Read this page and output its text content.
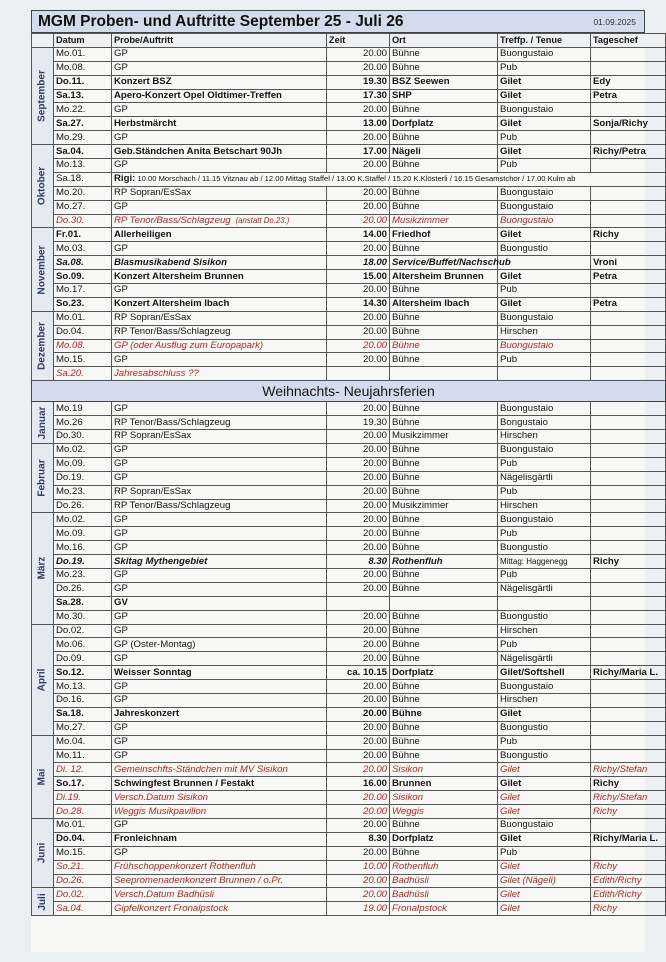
MGM Proben- und Auftritte September 25 - Juli 26	01.09.2025
	Datum	Probe/Auftritt	Zeit	Ort	Treffp. / Tenue	Tageschef

September	Mo.01.	GP	20.00	Bühne	Buongustaio	
	Mo.08.	GP	20.00	Bühne	Pub	
	Do.11.	Konzert BSZ	19.30	BSZ Seewen	Gilet	Edy
	Sa.13.	Apero-Konzert Opel Oldtimer-Treffen	17.30	SHP	Gilet	Petra
	Mo.22.	GP	20.00	Bühne	Buongustaio	
	Sa.27.	Herbstmärcht	13.00	Dorfplatz	Gilet	Sonja/Richy
	Mo.29.	GP	20.00	Bühne	Pub	

Oktober	Sa.04.	Geb.Ständchen Anita Betschart 90Jh	17.00	Nägeli	Gilet	Richy/Petra
	Mo.13.	GP	20.00	Bühne	Pub	
	Sa.18.	Rigi: 10.00 Morschach / 11.15 Vitznau ab / 12.00 Mittag Staffel / 13.00 K.Staffel / 15.20 K.Klösterli / 16.15 Gesamstchor / 17.00 Kulm ab				
	Mo.20.	RP Sopran/EsSax	20.00	Bühne	Buongustaio	
	Mo.27.	GP	20.00	Bühne	Buongustaio	
	Do.30.	RP Tenor/Bass/Schlagzeug (anstatt Do.23.)	20.00	Musikzimmer	Buongustaio	

November	Fr.01.	Allerheiligen	14.00	Friedhof	Gilet	Richy
	Mo.03.	GP	20.00	Bühne	Buongustio	
	Sa.08.	Blasmusikabend Sisikon	18.00	Service/Buffet/Nachschub		Vroni
	So.09.	Konzert Altersheim Brunnen	15.00	Altersheim Brunnen	Gilet	Petra
	Mo.17.	GP	20.00	Bühne	Pub	
	So.23.	Konzert Altersheim Ibach	14.30	Altersheim Ibach	Gilet	Petra

Dezember	Mo.01.	RP Sopran/EsSax	20.00	Bühne	Buongustaio	
	Do.04.	RP Tenor/Bass/Schlagzeug	20.00	Bühne	Hirschen	
	Mo.08.	GP (oder Ausflug zum Europapark)	20.00	Bühne	Buongustaio	
	Mo.15.	GP	20.00	Bühne	Pub	
	Sa.20.	Jahresabschluss ??				
Weihnachts- Neujahrsferien						

Januar	Mo.19	GP	20.00	Bühne	Buongustaio	
	Mo.26	RP Tenor/Bass/Schlagzeug	19.30	Bühne	Bongustaio	
	Do.30.	RP Sopran/EsSax	20.00	Musikzimmer	Hirschen	

Februar	Mo.02.	GP	20.00	Bühne	Buongustaio	
	Mo.09.	GP	20.00	Bühne	Pub	
	Do.19.	GP	20.00	Bühne	Nägelisgärtli	
	Mo.23.	RP Sopran/EsSax	20.00	Bühne	Pub	
	Do.26.	RP Tenor/Bass/Schlagzeug	20.00	Musikzimmer	Hirschen	

März	Mo.02.	GP	20.00	Bühne	Buongustaio	
	Mo.09.	GP	20.00	Bühne	Pub	
	Mo.16.	GP	20.00	Bühne	Buongustio	
	Do.19.	Skitag Mythengebiet	8.30	Rothenfluh	Mittag: Haggenegg	Richy
	Mo.23.	GP	20.00	Bühne	Pub	
	Do.26.	GP	20.00	Bühne	Nägelisgärtli	
	Sa.28.	GV				
	Mo.30.	GP	20.00	Bühne	Buongustio	

April	Do.02.	GP	20.00	Bühne	Hirschen	
	Mo.06.	GP (Oster-Montag)	20.00	Bühne	Pub	
	Do.09.	GP	20.00	Bühne	Nägelisgärtli	
	So.12.	Weisser Sonntag	ca. 10.15	Dorfplatz	Gilet/Softshell	Richy/Maria L.
	Mo.13.	GP	20.00	Bühne	Buongustaio	
	Do.16.	GP	20.00	Bühne	Hirschen	
	Sa.18.	Jahreskonzert	20.00	Bühne	Gilet	
	Mo.27.	GP	20.00	Bühne	Buongustio	

Mai	Mo.04.	GP	20.00	Bühne	Pub	
	Mo.11.	GP	20.00	Bühne	Buongustio	
	Di. 12.	Gemeinschfts-Ständchen mit MV Sisikon	20.00	Sisikon	Gilet	Richy/Stefan
	So.17.	Schwingfest Brunnen / Festakt	16.00	Brunnen	Gilet	Richy
	Di.19.	Versch.Datum Sisikon	20.00	Sisikon	Gilet	Richy/Stefan
	Do.28.	Weggis Musikpavillon	20.00	Weggis	Gilet	Richy

Juni	Mo.01.	GP	20.00	Bühne	Buongustaio	
	Do.04.	Fronleichnam	8.30	Dorfplatz	Gilet	Richy/Maria L.
	Mo.15.	GP	20.00	Bühne	Pub	
	So.21.	Frühschoppenkonzert Rothenfluh	10.00	Rothenfluh	Gilet	Richy
	Do.26.	Seepromenadenkonzert Brunnen / o.Pr.	20.00	Badhüsli	Gilet (Nägeli)	Edith/Richy

Juli	Do.02.	Versch.Datum Badhüsli	20.00	Badhüsli	Gilet	Edith/Richy
	Sa.04.	Gipfelkonzert Fronalpstock	19.00	Fronalpstock	Gilet	Richy
